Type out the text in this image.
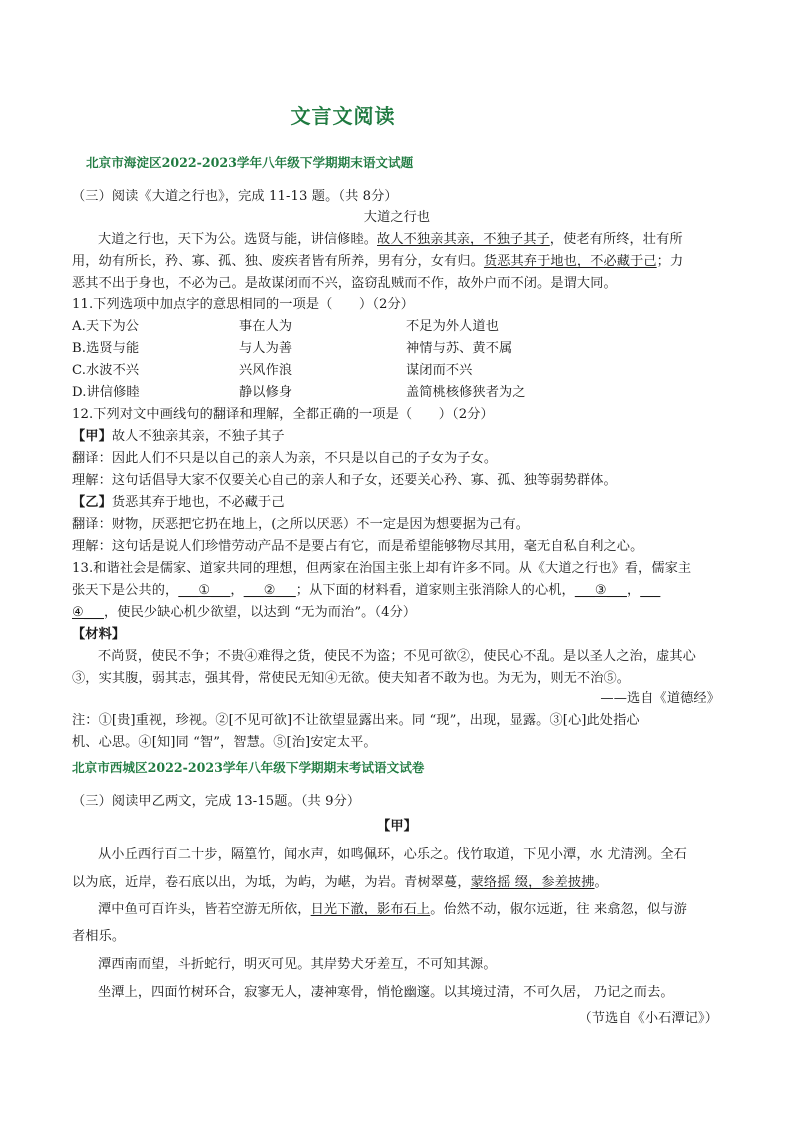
文言文阅读
北京市海淀区2022-2023学年八年级下学期期末语文试题
（三）阅读《大道之行也》，完成 11-13 题。（共 8分）
大道之行也
大道之行也，天下为公。选贤与能，讲信修睦。故人不独亲其亲，不独子其子，使老有所终，壮有所
用，幼有所长，矜、寡、孤、独、废疾者皆有所养，男有分，女有归。货恶其弃于地也，不必藏于己；力
恶其不出于身也，不必为己。是故谋闭而不兴，盗窃乱贼而不作，故外户而不闭。是谓大同。
11.下列选项中加点字的意思相同的一项是（　　）（2分）
A.天下为公	事在人为	不足为外人道也
B.选贤与能	与人为善	神情与苏、黄不属
C.水波不兴	兴风作浪	谋闭而不兴
D.讲信修睦	静以修身	盖简桃核修狭者为之
12.下列对文中画线句的翻译和理解，全都正确的一项是（　　）（2分）
【甲】故人不独亲其亲，不独子其子
翻译：因此人们不只是以自己的亲人为亲，不只是以自己的子女为子女。
理解：这句话倡导大家不仅要关心自己的亲人和子女，还要关心矜、寡、孤、独等弱势群体。
【乙】货恶其弃于地也，不必藏于己
翻译：财物，厌恶把它扔在地上，(之所以厌恶）不一定是因为想要据为己有。
理解：这句话是说人们珍惜劳动产品不是要占有它，而是希望能够物尽其用，毫无自私自利之心。
13.和谐社会是儒家、道家共同的理想，但两家在治国主张上却有许多不同。从《大道之行也》看，儒家主
张天下是公共的，___①___，___②___；从下面的材料看，道家则主张消除人的心机，___③___，___
④___，使民少缺心机少欲望，以达到 “无为而治”。（4分）
【材料】
不尚贤，使民不争；不贵④难得之货，使民不为盗；不见可欲②，使民心不乱。是以圣人之治，虚其心
③，实其腹，弱其志，强其骨，常使民无知④无欲。使夫知者不敢为也。为无为，则无不治⑤。
——选自《道德经》
注：①[贵]重视，珍视。②[不见可欲]不让欲望显露出来。同 “现”，出现，显露。③[心]此处指心
机、心思。④[知]同 “智”，智慧。⑤[治]安定太平。
北京市西城区2022-2023学年八年级下学期期末考试语文试卷
（三）阅读甲乙两文，完成 13-15题。（共 9分）
【甲】
从小丘西行百二十步，隔篁竹，闻水声，如鸣佩环，心乐之。伐竹取道，下见小潭，水 尤清洌。全石
以为底，近岸，卷石底以出，为坻，为屿，为嵁，为岩。青树翠蔓，蒙络摇 缀，参差披拂。
潭中鱼可百许头，皆若空游无所依，日光下澈，影布石上。佁然不动，俶尔远逝，往 来翕忽，似与游
者相乐。
潭西南而望，斗折蛇行，明灭可见。其岸势犬牙差互，不可知其源。
坐潭上，四面竹树环合，寂寥无人，凄神寒骨，悄怆幽邃。以其境过清，不可久居， 乃记之而去。
（节选自《小石潭记》）
